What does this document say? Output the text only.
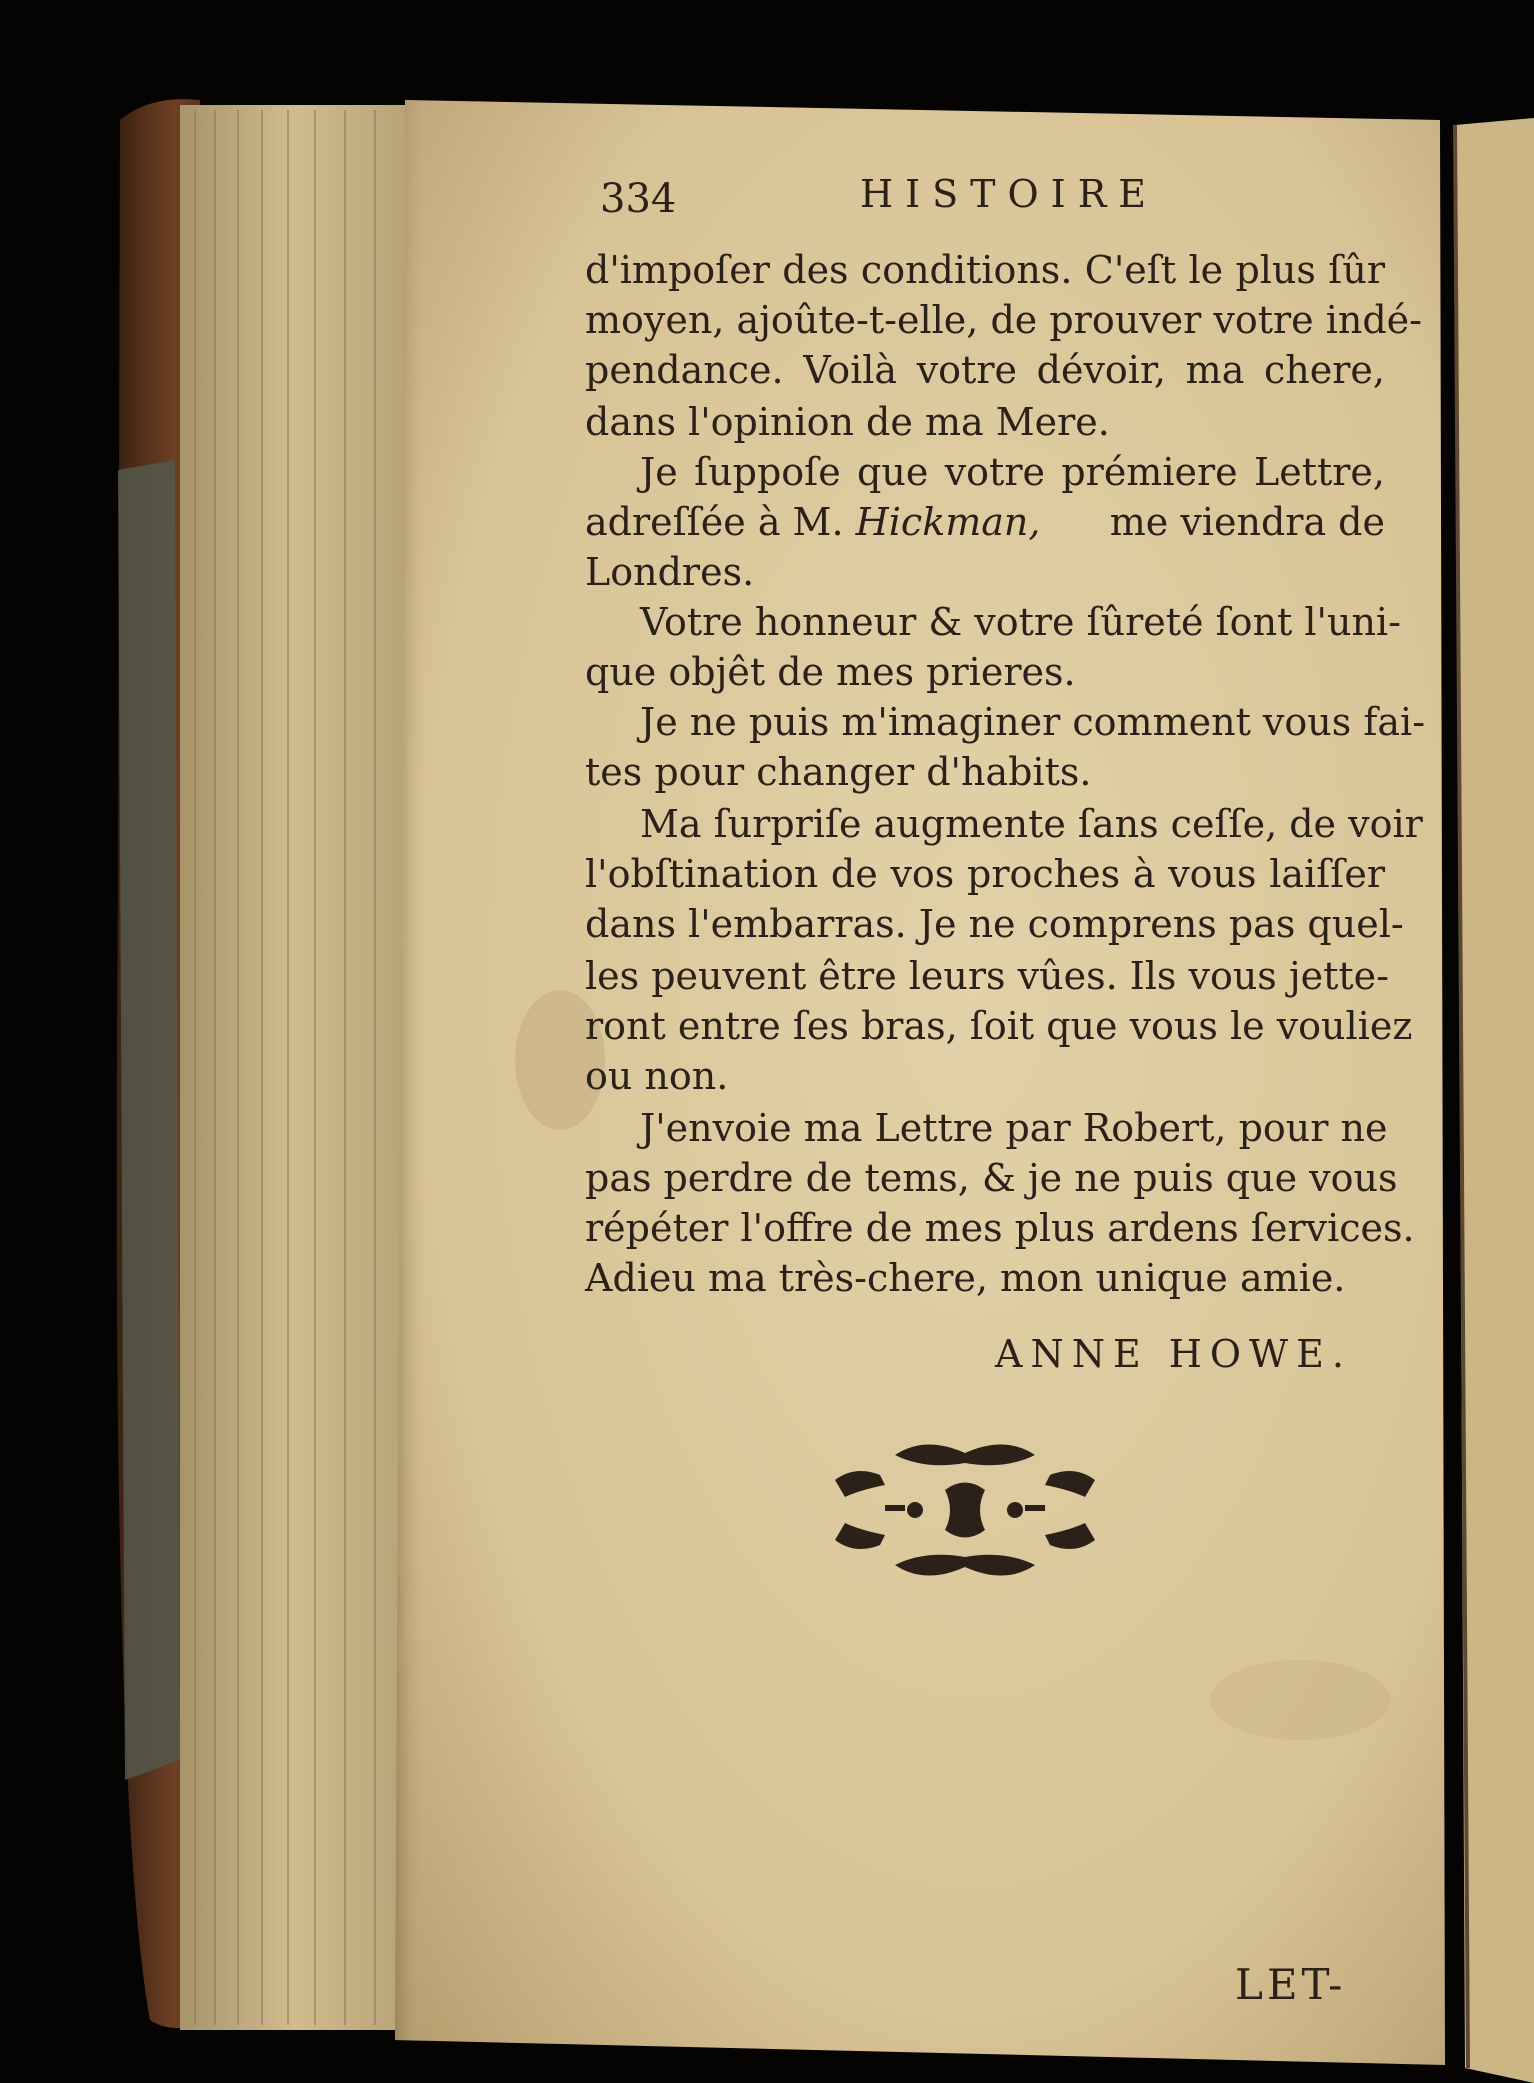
334	HISTOIRE
d'impoſer des conditions. C'eſt le plus ſûr
moyen, ajoûte-t-elle, de prouver votre indé-
pendance. Voilà votre dévoir, ma chere,
dans l'opinion de ma Mere.
Je ſuppoſe que votre prémiere Lettre,
adreſſée à M. Hickman, me viendra de
Londres.
Votre honneur & votre ſûreté ſont l'uni-
que objêt de mes prieres.
Je ne puis m'imaginer comment vous fai-
tes pour changer d'habits.
Ma ſurpriſe augmente ſans ceſſe, de voir
l'obſtination de vos proches à vous laiſſer
dans l'embarras. Je ne comprens pas quel-
les peuvent être leurs vûes. Ils vous jette-
ront entre ſes bras, ſoit que vous le vouliez
ou non.
J'envoie ma Lettre par Robert, pour ne
pas perdre de tems, & je ne puis que vous
répéter l'offre de mes plus ardens ſervices.
Adieu ma très-chere, mon unique amie.
ANNE HOWE.
LET-
